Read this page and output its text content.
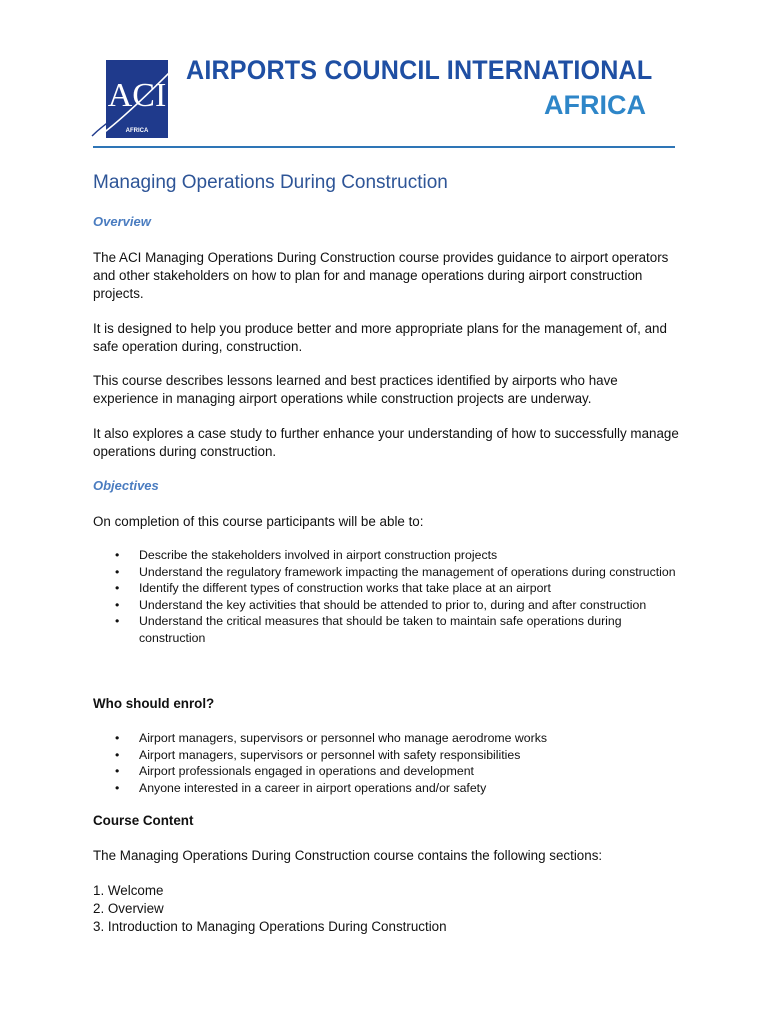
ACI
AFRICA
AIRPORTS COUNCIL INTERNATIONAL
AFRICA
Managing Operations During Construction
Overview
The ACI Managing Operations During Construction course provides guidance to airport operators and other stakeholders on how to plan for and manage operations during airport construction projects.
It is designed to help you produce better and more appropriate plans for the management of, and safe operation during, construction.
This course describes lessons learned and best practices identified by airports who have experience in managing airport operations while construction projects are underway.
It also explores a case study to further enhance your understanding of how to successfully manage operations during construction.
Objectives
On completion of this course participants will be able to:
• Describe the stakeholders involved in airport construction projects
• Understand the regulatory framework impacting the management of operations during construction
• Identify the different types of construction works that take place at an airport
• Understand the key activities that should be attended to prior to, during and after construction
• Understand the critical measures that should be taken to maintain safe operations during construction
Who should enrol?
• Airport managers, supervisors or personnel who manage aerodrome works
• Airport managers, supervisors or personnel with safety responsibilities
• Airport professionals engaged in operations and development
• Anyone interested in a career in airport operations and/or safety
Course Content
The Managing Operations During Construction course contains the following sections:
1. Welcome
2. Overview
3. Introduction to Managing Operations During Construction
